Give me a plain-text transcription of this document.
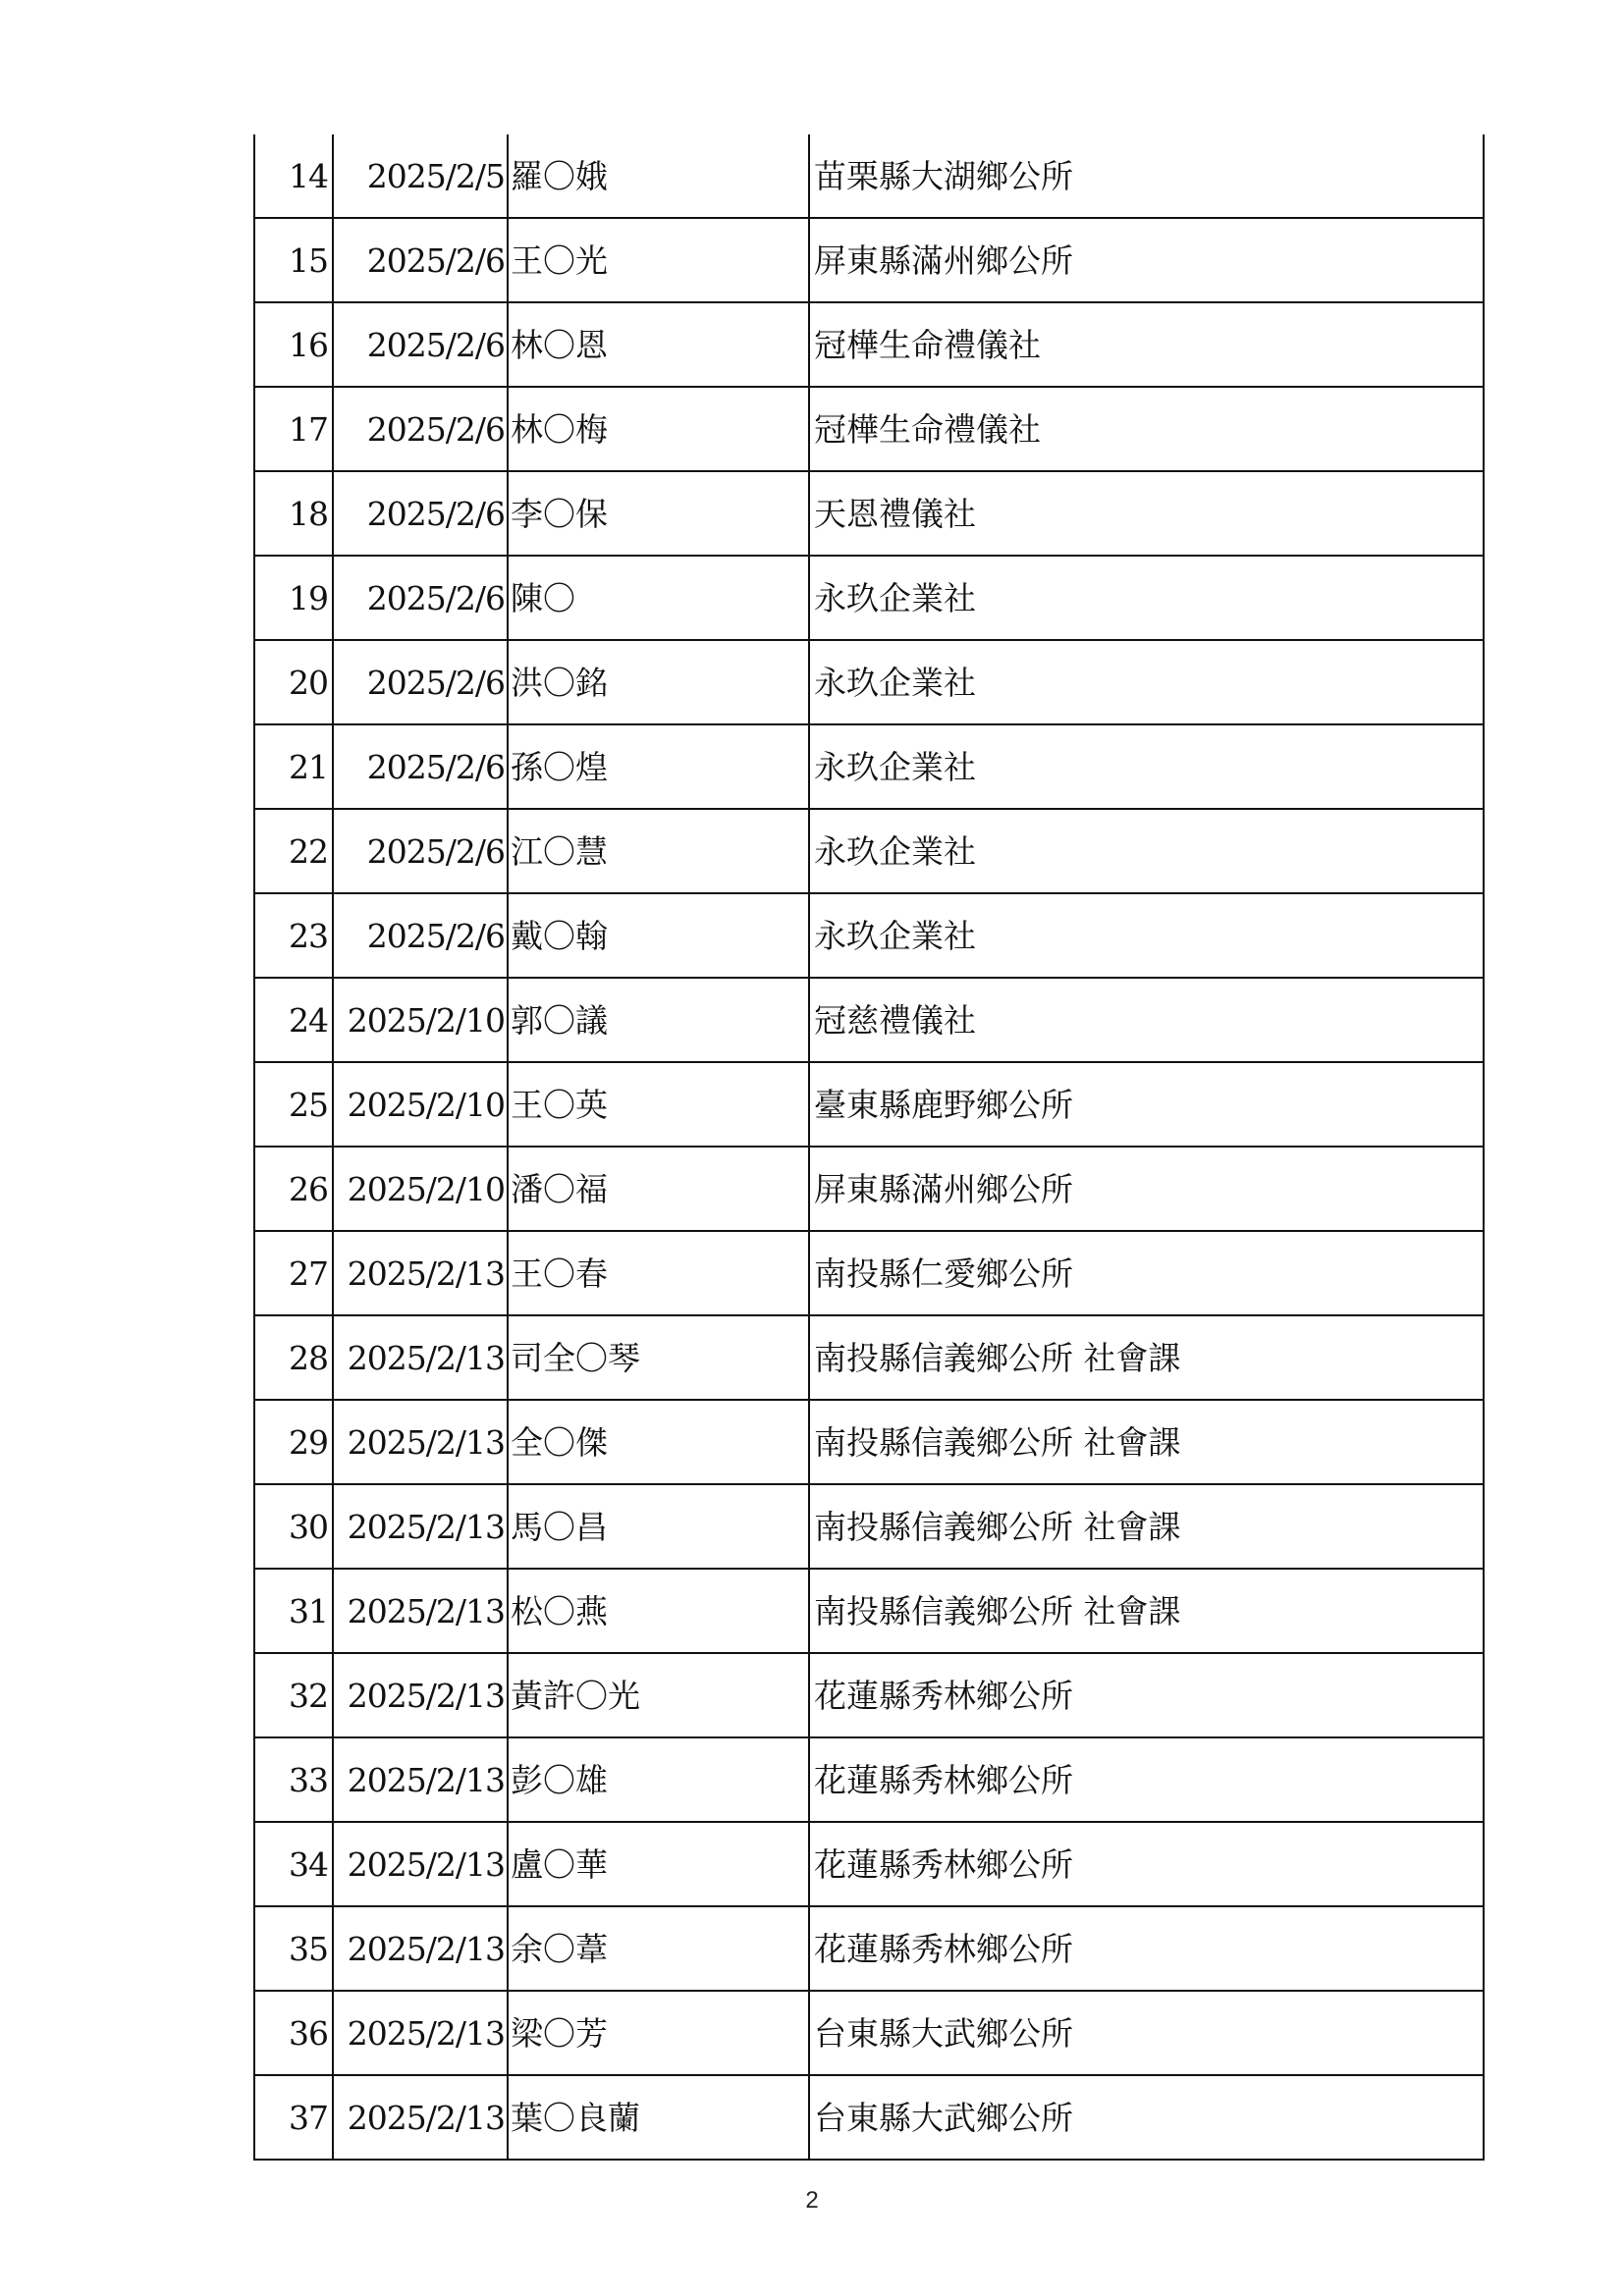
14	2025/2/5	羅〇娥	苗栗縣大湖鄉公所
15	2025/2/6	王〇光	屏東縣滿州鄉公所
16	2025/2/6	林〇恩	冠樺生命禮儀社
17	2025/2/6	林〇梅	冠樺生命禮儀社
18	2025/2/6	李〇保	天恩禮儀社
19	2025/2/6	陳〇	永玖企業社
20	2025/2/6	洪〇銘	永玖企業社
21	2025/2/6	孫〇煌	永玖企業社
22	2025/2/6	江〇慧	永玖企業社
23	2025/2/6	戴〇翰	永玖企業社
24	2025/2/10	郭〇議	冠慈禮儀社
25	2025/2/10	王〇英	臺東縣鹿野鄉公所
26	2025/2/10	潘〇福	屏東縣滿州鄉公所
27	2025/2/13	王〇春	南投縣仁愛鄉公所
28	2025/2/13	司全〇琴	南投縣信義鄉公所 社會課
29	2025/2/13	全〇傑	南投縣信義鄉公所 社會課
30	2025/2/13	馬〇昌	南投縣信義鄉公所 社會課
31	2025/2/13	松〇燕	南投縣信義鄉公所 社會課
32	2025/2/13	黃許〇光	花蓮縣秀林鄉公所
33	2025/2/13	彭〇雄	花蓮縣秀林鄉公所
34	2025/2/13	盧〇華	花蓮縣秀林鄉公所
35	2025/2/13	余〇葦	花蓮縣秀林鄉公所
36	2025/2/13	梁〇芳	台東縣大武鄉公所
37	2025/2/13	葉〇良蘭	台東縣大武鄉公所
2
